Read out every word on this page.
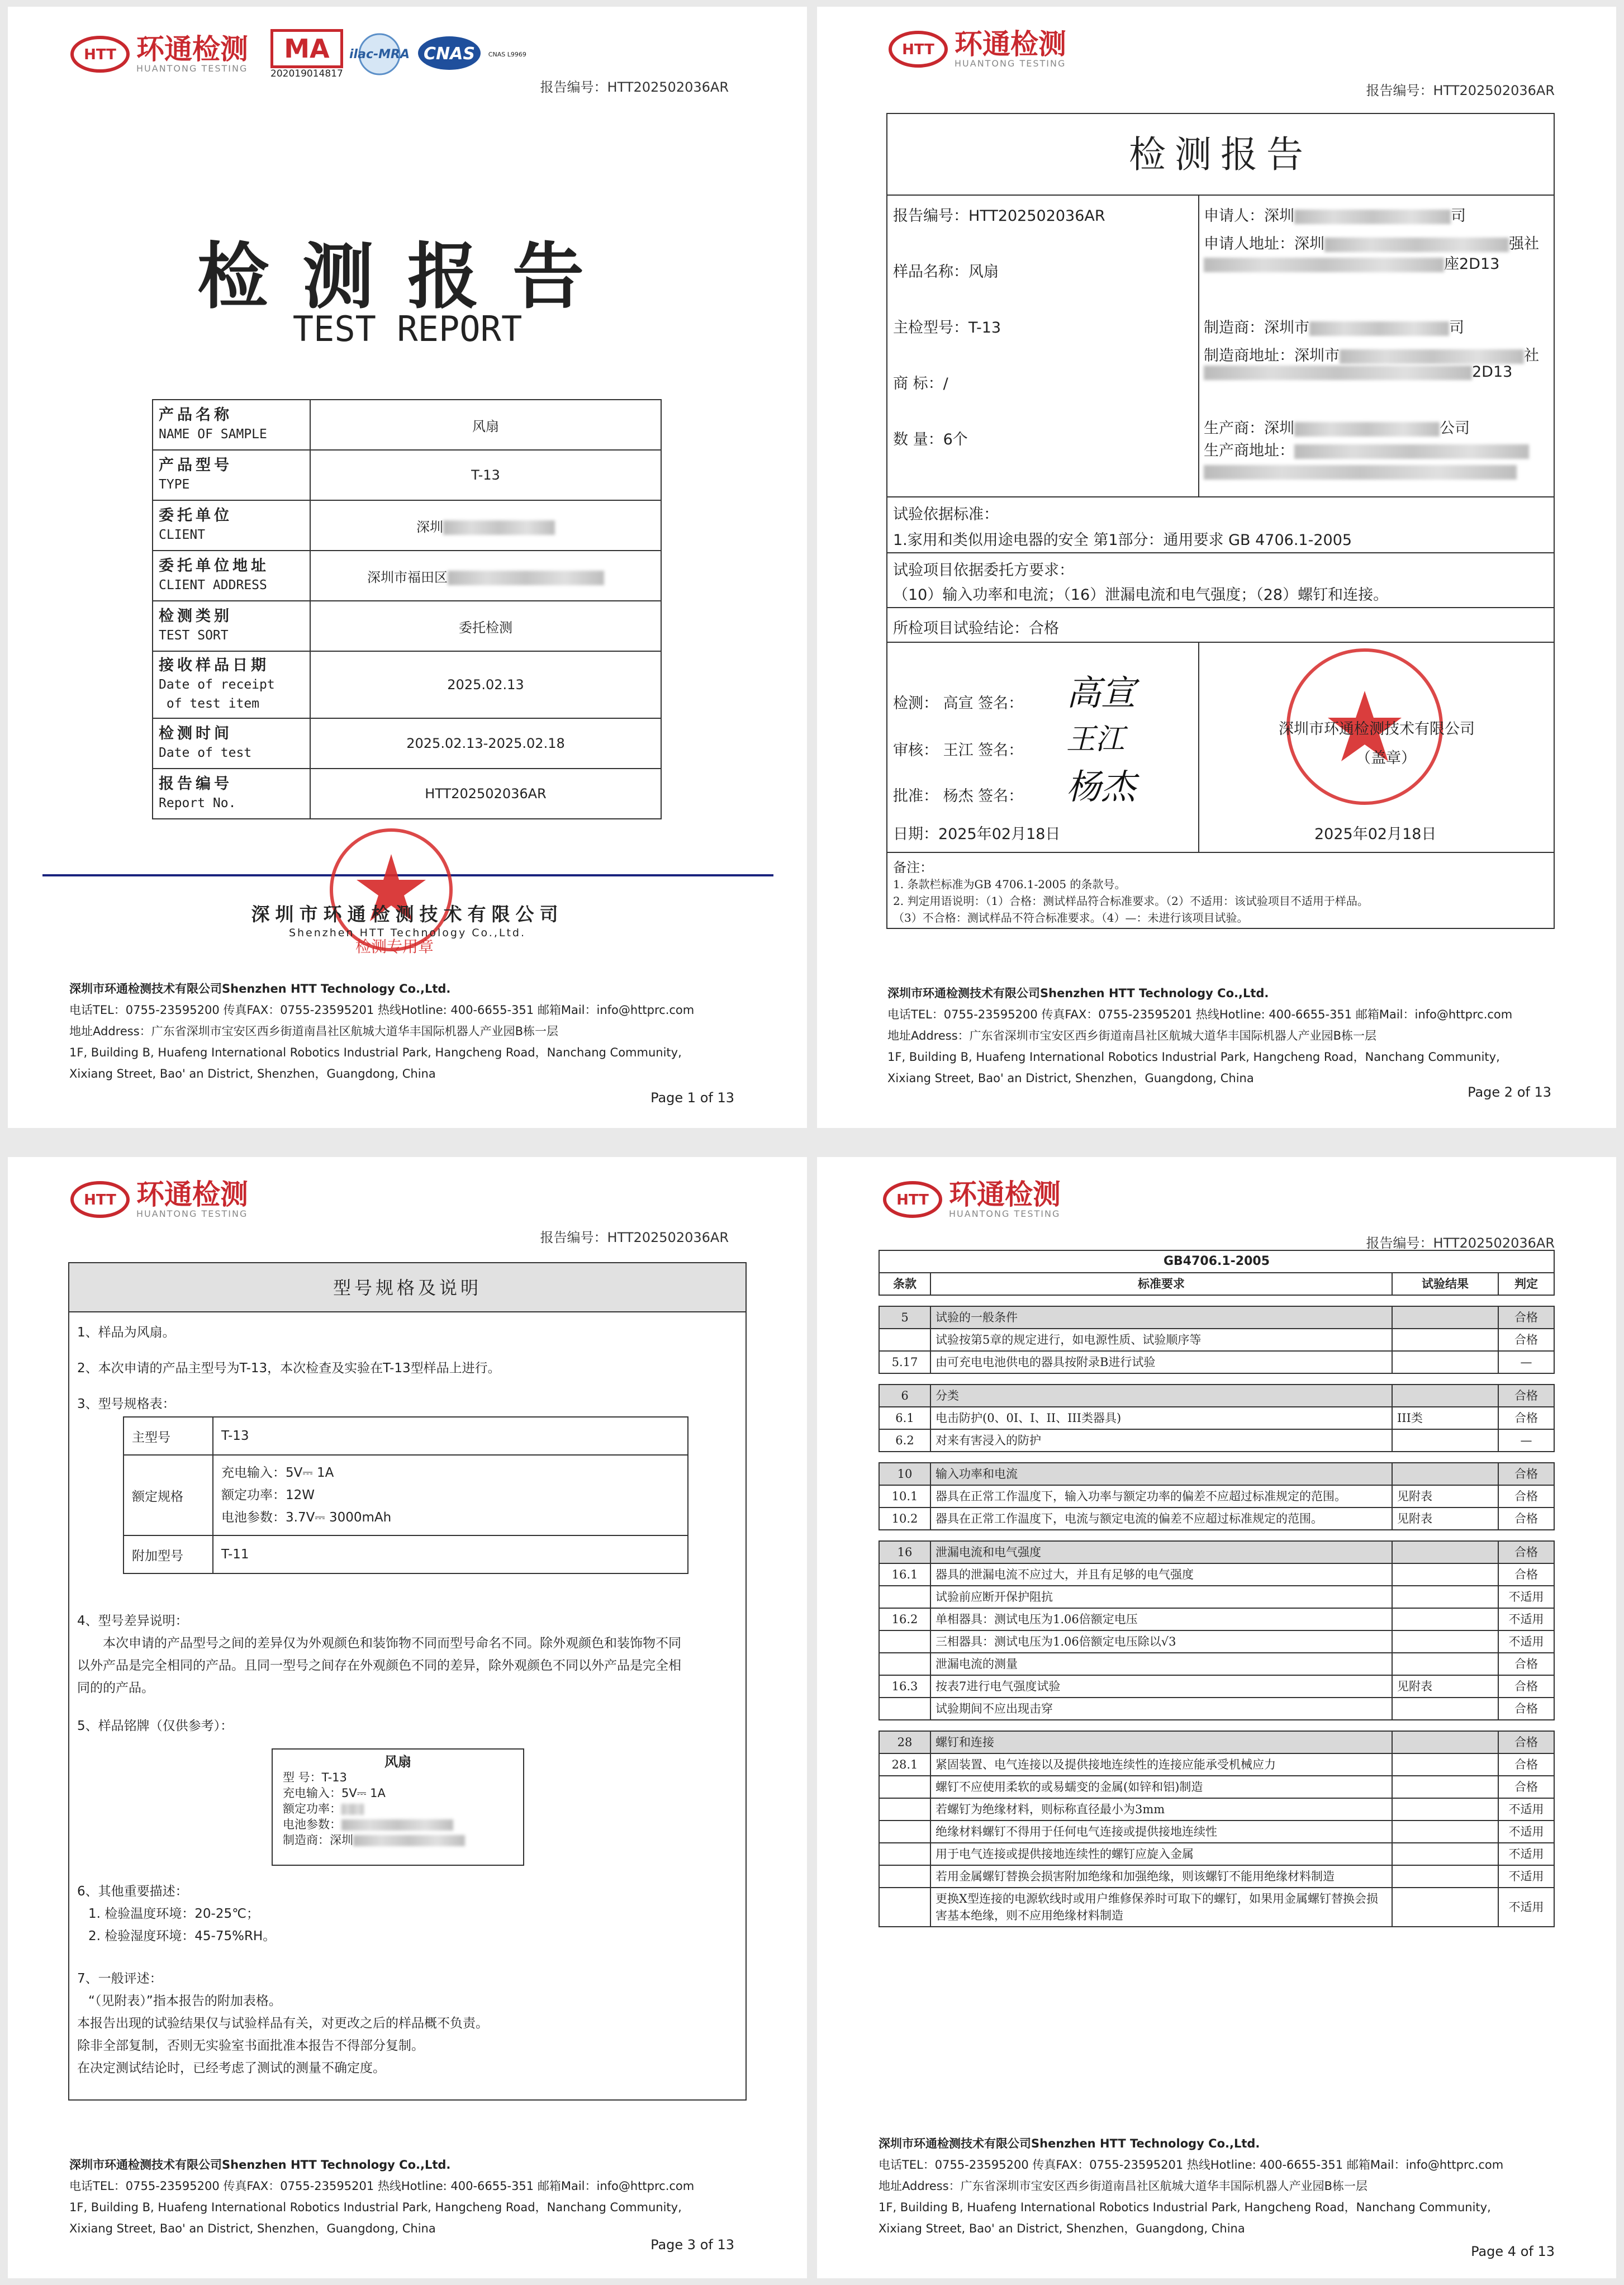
HTT 环通检测
HUANTONG TESTING
MA
202019014817
ilac-MRA CNAS CNAS L9969
报告编号：HTT202502036AR
检测报告
TEST REPORT
产品名称
NAME OF SAMPLE	风扇

产品型号
TYPE	T-13

委托单位
CLIENT	深圳

委托单位地址
CLIENT ADDRESS	深圳市福田区

检测类别
TEST SORT	委托检测

接收样品日期
Date of receipt
of test item	2025.02.13

检测时间
Date of test	2025.02.13-2025.02.18

报告编号
Report No.	HTT202502036AR
深圳市环通检测技术有限公司
Shenzhen HTT Technology Co.,Ltd.
检测专用章
深圳市环通检测技术有限公司Shenzhen HTT Technology Co.,Ltd.
电话TEL：0755-23595200 传真FAX：0755-23595201 热线Hotline: 400-6655-351 邮箱Mail：info@httprc.com
地址Address：广东省深圳市宝安区西乡街道南昌社区航城大道华丰国际机器人产业园B栋一层
1F, Building B, Huafeng International Robotics Industrial Park, Hangcheng Road，Nanchang Community,
Xixiang Street, Bao' an District, Shenzhen，Guangdong, China
Page 1 of 13
HTT 环通检测
HUANTONG TESTING
报告编号：HTT202502036AR
检测报告
报告编号：HTT202502036AR
样品名称：风扇
主检型号：T-13
商 标：/
数 量：6个
申请人：深圳	司
申请人地址：深圳	强社
座2D13
制造商：深圳市	司
制造商地址：深圳市	社
2D13
生产商：深圳	公司
生产商地址：
试验依据标准：
1.家用和类似用途电器的安全 第1部分：通用要求 GB 4706.1-2005
试验项目依据委托方要求：
（10）输入功率和电流；（16）泄漏电流和电气强度；（28）螺钉和连接。
所检项目试验结论：合格
检测： 高宣 签名： 高宣
审核： 王江 签名： 王江
批准： 杨杰 签名： 杨杰
日期：2025年02月18日
深圳市环通检测技术有限公司
（盖章）
2025年02月18日
备注：
1. 条款栏标准为GB 4706.1-2005 的条款号。
2. 判定用语说明：（1）合格：测试样品符合标准要求。（2）不适用：该试验项目不适用于样品。
（3）不合格：测试样品不符合标准要求。（4）—：未进行该项目试验。
深圳市环通检测技术有限公司Shenzhen HTT Technology Co.,Ltd.
电话TEL：0755-23595200 传真FAX：0755-23595201 热线Hotline: 400-6655-351 邮箱Mail：info@httprc.com
地址Address：广东省深圳市宝安区西乡街道南昌社区航城大道华丰国际机器人产业园B栋一层
1F, Building B, Huafeng International Robotics Industrial Park, Hangcheng Road，Nanchang Community,
Xixiang Street, Bao' an District, Shenzhen，Guangdong, China
Page 2 of 13
HTT 环通检测
HUANTONG TESTING
报告编号：HTT202502036AR
型号规格及说明
1、样品为风扇。
2、本次申请的产品主型号为T-13，本次检查及实验在T-13型样品上进行。
3、型号规格表：
主型号	T-13
额定规格	充电输入：5V⎓ 1A
额定功率：12W
电池参数：3.7V⎓ 3000mAh

附加型号	T-11
4、型号差异说明：
本次申请的产品型号之间的差异仅为外观颜色和装饰物不同而型号命名不同。除外观颜色和装饰物不同
以外产品是完全相同的产品。且同一型号之间存在外观颜色不同的差异，除外观颜色不同以外产品是完全相
同的的产品。
5、样品铭牌（仅供参考）：
风扇
型 号：T-13
充电输入：5V⎓ 1A
额定功率：
电池参数：
制造商：深圳
6、其他重要描述：
1. 检验温度环境：20-25℃；
2. 检验湿度环境：45-75%RH。
7、一般评述：
“（见附表）”指本报告的附加表格。
本报告出现的试验结果仅与试验样品有关，对更改之后的样品概不负责。
除非全部复制，否则无实验室书面批准本报告不得部分复制。
在决定测试结论时，已经考虑了测试的测量不确定度。
深圳市环通检测技术有限公司Shenzhen HTT Technology Co.,Ltd.
电话TEL：0755-23595200 传真FAX：0755-23595201 热线Hotline: 400-6655-351 邮箱Mail：info@httprc.com
1F, Building B, Huafeng International Robotics Industrial Park, Hangcheng Road，Nanchang Community,
Xixiang Street, Bao' an District, Shenzhen，Guangdong, China
Page 3 of 13
HTT 环通检测
HUANTONG TESTING
报告编号：HTT202502036AR
GB4706.1-2005			
条款	标准要求	试验结果	判定

5	试验的一般条件		合格
	试验按第5章的规定进行，如电源性质、试验顺序等		合格
5.17	由可充电电池供电的器具按附录B进行试验		—

6	分类		合格
6.1	电击防护(0、0I、I、II、III类器具)	III类	合格
6.2	对来有害浸入的防护		—

10	输入功率和电流		合格
10.1	器具在正常工作温度下，输入功率与额定功率的偏差不应超过标准规定的范围。	见附表	合格
10.2	器具在正常工作温度下，电流与额定电流的偏差不应超过标准规定的范围。	见附表	合格

16	泄漏电流和电气强度		合格
16.1	器具的泄漏电流不应过大，并且有足够的电气强度		合格
	试验前应断开保护阻抗		不适用
16.2	单相器具：测试电压为1.06倍额定电压		不适用
	三相器具：测试电压为1.06倍额定电压除以√3		不适用
	泄漏电流的测量		合格
16.3	按表7进行电气强度试验	见附表	合格
	试验期间不应出现击穿		合格

28	螺钉和连接		合格
28.1	紧固装置、电气连接以及提供接地连续性的连接应能承受机械应力		合格
	螺钉不应使用柔软的或易蠕变的金属(如锌和铝)制造		合格
	若螺钉为绝缘材料，则标称直径最小为3mm		不适用
	绝缘材料螺钉不得用于任何电气连接或提供接地连续性		不适用
	用于电气连接或提供接地连续性的螺钉应旋入金属		不适用
	若用金属螺钉替换会损害附加绝缘和加强绝缘，则该螺钉不能用绝缘材料制造		不适用
	更换X型连接的电源软线时或用户维修保养时可取下的螺钉，如果用金属螺钉替换会损害基本绝缘，则不应用绝缘材料制造		不适用
深圳市环通检测技术有限公司Shenzhen HTT Technology Co.,Ltd.
电话TEL：0755-23595200 传真FAX：0755-23595201 热线Hotline: 400-6655-351 邮箱Mail：info@httprc.com
地址Address：广东省深圳市宝安区西乡街道南昌社区航城大道华丰国际机器人产业园B栋一层
1F, Building B, Huafeng International Robotics Industrial Park, Hangcheng Road，Nanchang Community,
Xixiang Street, Bao' an District, Shenzhen，Guangdong, China
Page 4 of 13
